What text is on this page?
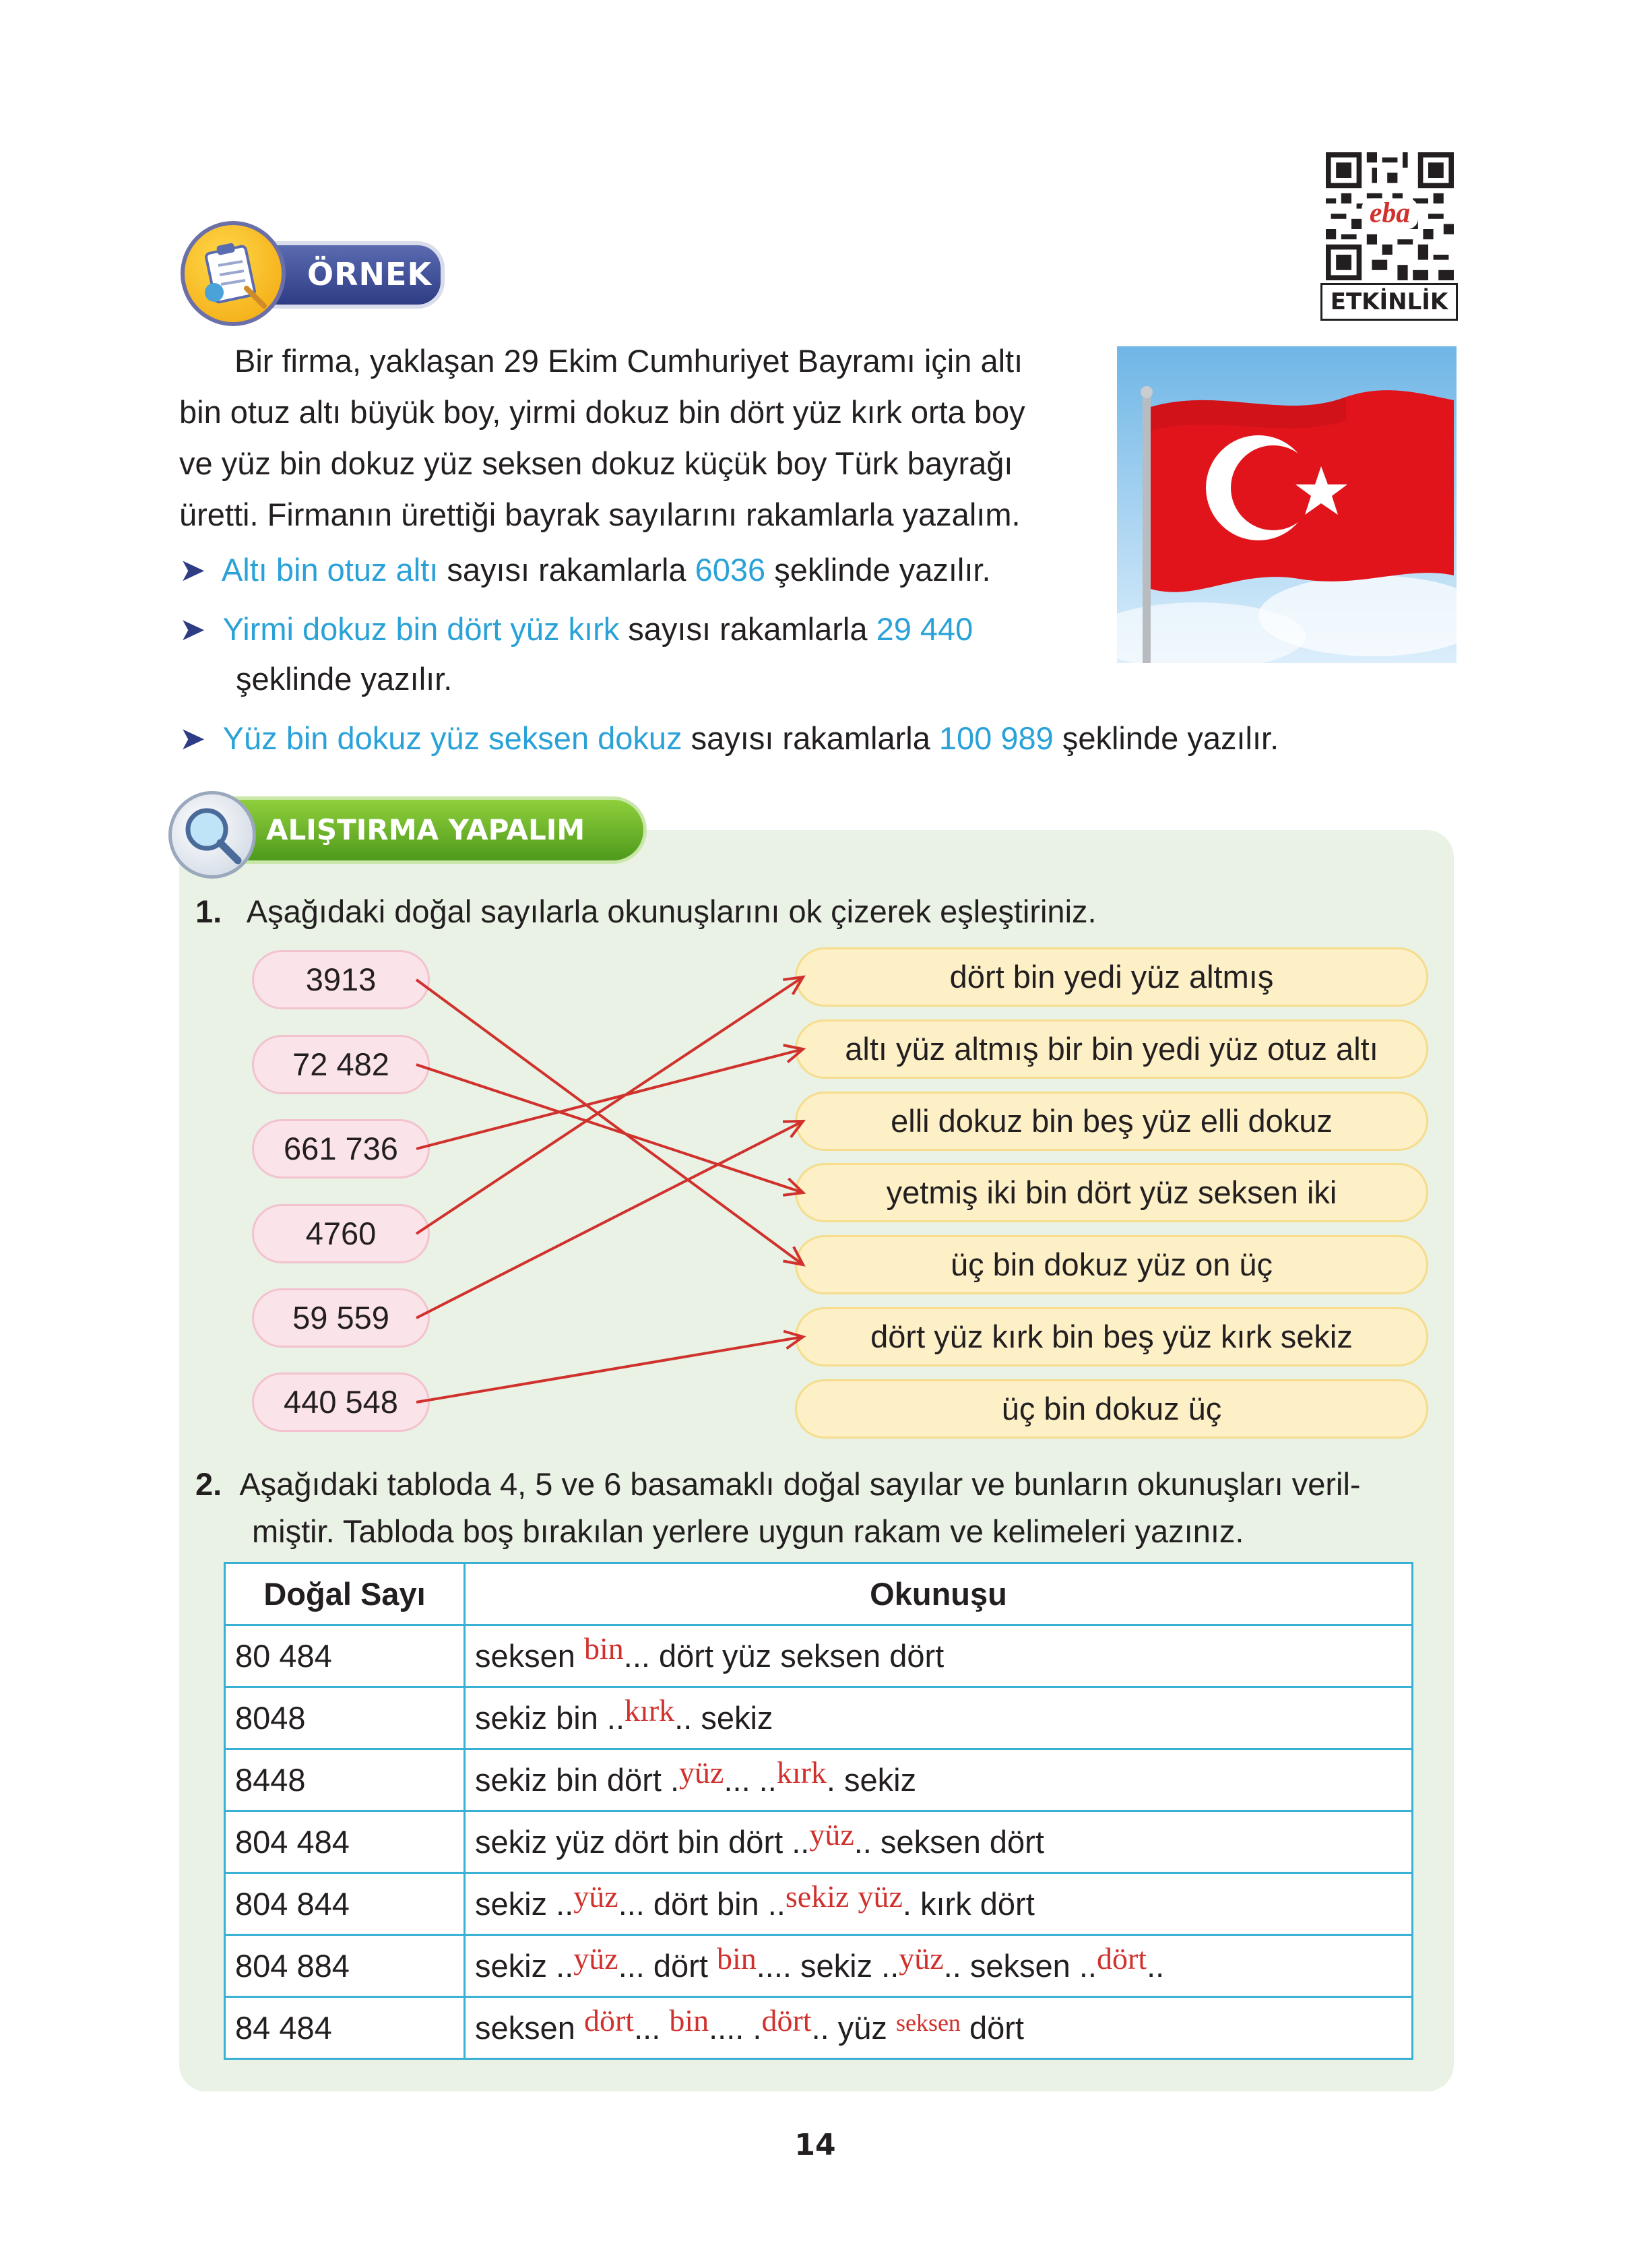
eba
ETKİNLİK
ÖRNEK
Bir firma, yaklaşan 29 Ekim Cumhuriyet Bayramı için altı
bin otuz altı büyük boy, yirmi dokuz bin dört yüz kırk orta boy
ve yüz bin dokuz yüz seksen dokuz küçük boy Türk bayrağı
üretti. Firmanın ürettiği bayrak sayılarını rakamlarla yazalım.
➤ Altı bin otuz altı sayısı rakamlarla 6036 şeklinde yazılır.
➤ Yirmi dokuz bin dört yüz kırk sayısı rakamlarla 29 440
şeklinde yazılır.
➤ Yüz bin dokuz yüz seksen dokuz sayısı rakamlarla 100 989 şeklinde yazılır.
ALIŞTIRMA YAPALIM
1. Aşağıdaki doğal sayılarla okunuşlarını ok çizerek eşleştiriniz.
3913
72 482
661 736
4760
59 559
440 548
dört bin yedi yüz altmış
altı yüz altmış bir bin yedi yüz otuz altı
elli dokuz bin beş yüz elli dokuz
yetmiş iki bin dört yüz seksen iki
üç bin dokuz yüz on üç
dört yüz kırk bin beş yüz kırk sekiz
üç bin dokuz üç
2. Aşağıdaki tabloda 4, 5 ve 6 basamaklı doğal sayılar ve bunların okunuşları veril-
miştir. Tabloda boş bırakılan yerlere uygun rakam ve kelimeleri yazınız.
Doğal Sayı	Okunuşu
80 484	seksen bin... dört yüz seksen dört
8048	sekiz bin ..kırk.. sekiz
8448	sekiz bin dört .yüz... ..kırk. sekiz
804 484	sekiz yüz dört bin dört ..yüz.. seksen dört
804 844	sekiz ..yüz... dört bin ..sekiz yüz. kırk dört
804 884	sekiz ..yüz... dört bin.... sekiz ..yüz.. seksen ..dört..
84 484	seksen dört... bin.... .dört.. yüz $^{seksen}$ dört
14
